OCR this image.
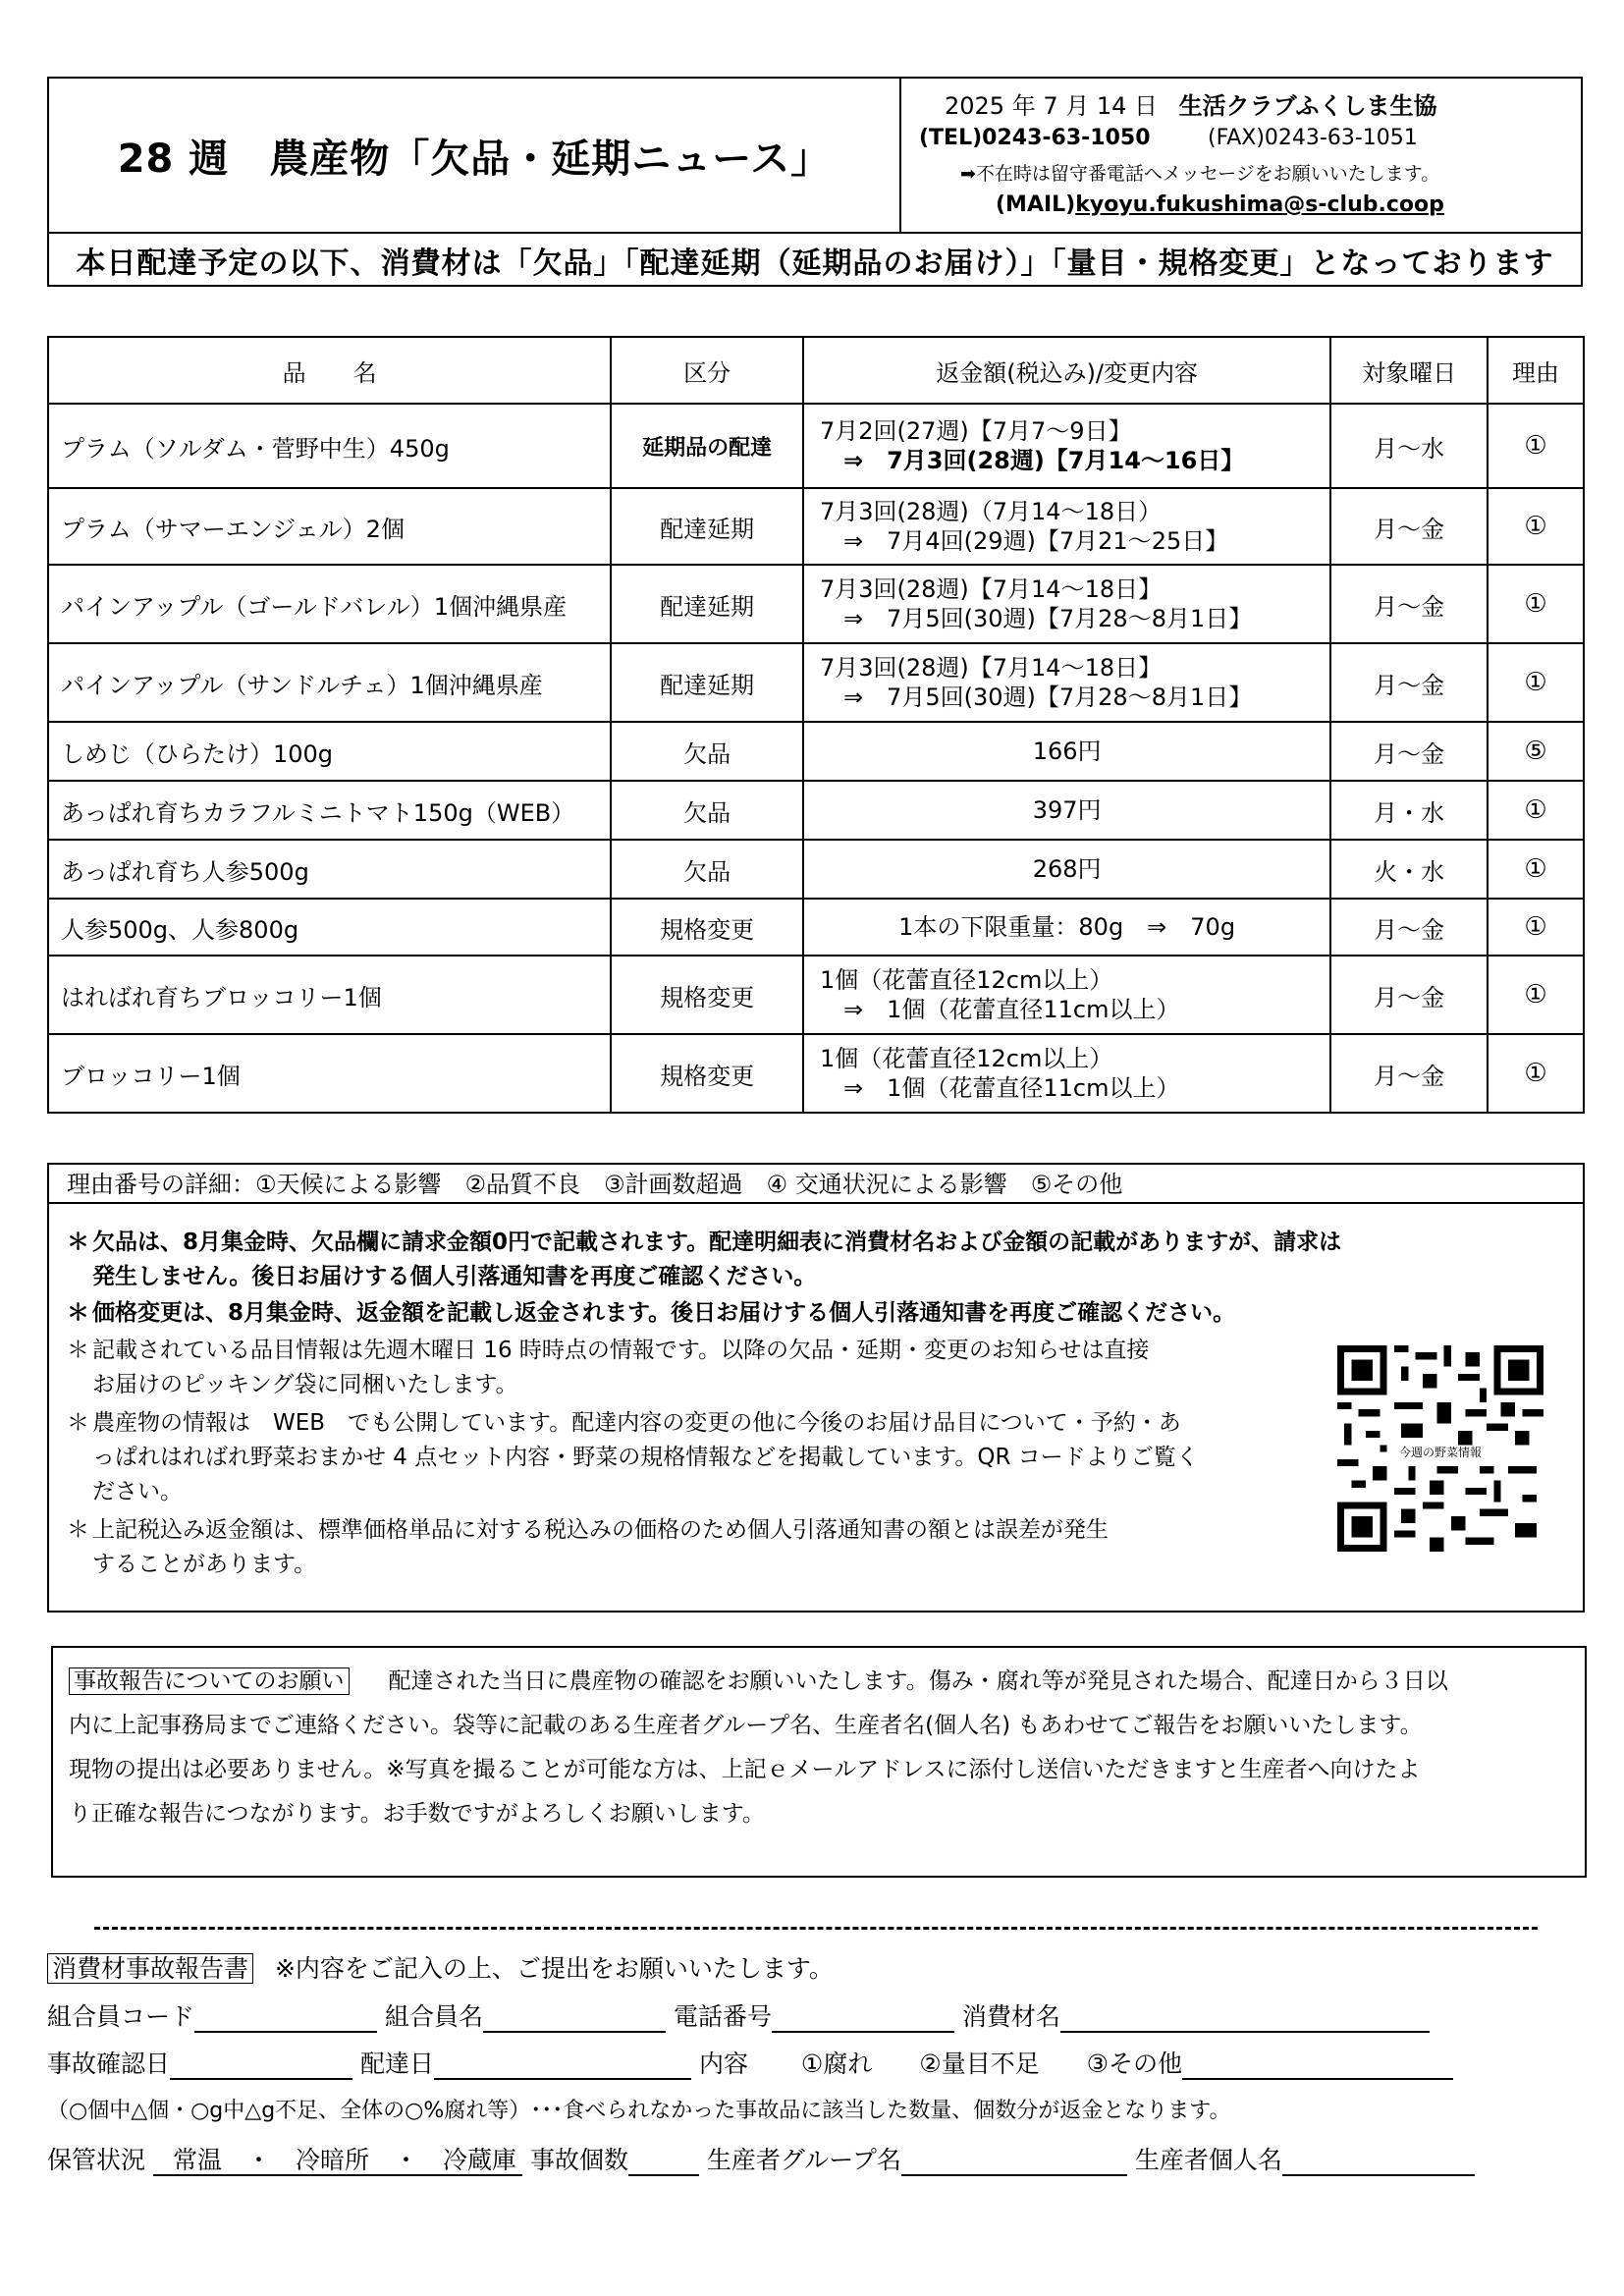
28 週　農産物「欠品・延期ニュース」
2025 年 7 月 14 日 生活クラブふくしま生協
(TEL)0243-63-1050	(FAX)0243-63-1051
➡不在時は留守番電話へメッセージをお願いいたします。
(MAIL)kyoyu.fukushima@s-club.coop
本日配達予定の以下、消費材は「欠品」「配達延期（延期品のお届け）」「量目・規格変更」となっております
品　　名	区分	返金額(税込み)/変更内容	対象曜日	理由
プラム（ソルダム・菅野中生）450g	延期品の配達	7月2回(27週)【7月7～9日】
⇒　7月3回(28週)【7月14～16日】	月～水	①
プラム（サマーエンジェル）2個	配達延期	7月3回(28週)（7月14～18日）
⇒　7月4回(29週)【7月21～25日】	月～金	①
パインアップル（ゴールドバレル）1個沖縄県産	配達延期	7月3回(28週)【7月14～18日】
⇒　7月5回(30週)【7月28～8月1日】	月～金	①
パインアップル（サンドルチェ）1個沖縄県産	配達延期	7月3回(28週)【7月14～18日】
⇒　7月5回(30週)【7月28～8月1日】	月～金	①
しめじ（ひらたけ）100g	欠品	166円	月～金	⑤
あっぱれ育ちカラフルミニトマト150g（WEB）	欠品	397円	月・水	①
あっぱれ育ち人参500g	欠品	268円	火・水	①
人参500g、人参800g	規格変更	1本の下限重量：80g　⇒　70g	月～金	①
はればれ育ちブロッコリー1個	規格変更	1個（花蕾直径12cm以上）
⇒　1個（花蕾直径11cm以上）	月～金	①
ブロッコリー1個	規格変更	1個（花蕾直径12cm以上）
⇒　1個（花蕾直径11cm以上）	月～金	①
理由番号の詳細：①天候による影響　②品質不良　③計画数超過　④ 交通状況による影響　⑤その他
＊ 欠品は、8月集金時、欠品欄に請求金額0円で記載されます。配達明細表に消費材名および金額の記載がありますが、請求は
発生しません。後日お届けする個人引落通知書を再度ご確認ください。
＊ 価格変更は、8月集金時、返金額を記載し返金されます。後日お届けする個人引落通知書を再度ご確認ください。
＊ 記載されている品目情報は先週木曜日 16 時時点の情報です。以降の欠品・延期・変更のお知らせは直接
お届けのピッキング袋に同梱いたします。
＊ 農産物の情報は　WEB　でも公開しています。配達内容の変更の他に今後のお届け品目について・予約・あ
っぱれはればれ野菜おまかせ 4 点セット内容・野菜の規格情報などを掲載しています。QR コードよりご覧く
ださい。
＊ 上記税込み返金額は、標準価格単品に対する税込みの価格のため個人引落通知書の額とは誤差が発生
することがあります。
今週の野菜情報
事故報告についてのお願い 配達された当日に農産物の確認をお願いいたします。傷み・腐れ等が発見された場合、配達日から３日以
内に上記事務局までご連絡ください。袋等に記載のある生産者グループ名、生産者名(個人名) もあわせてご報告をお願いいたします。
現物の提出は必要ありません。※写真を撮ることが可能な方は、上記ｅメールアドレスに添付し送信いただきますと生産者へ向けたよ
り正確な報告につながります。お手数ですがよろしくお願いします。
消費材事故報告書 ※内容をご記入の上、ご提出をお願いいたします。
組合員コード	組合員名	電話番号	消費材名
事故確認日	配達日	内容 ①腐れ ②量目不足 ③その他
（○個中△個・○g中△g不足、全体の○%腐れ等）･･･食べられなかった事故品に該当した数量、個数分が返金となります。
保管状況 常温　・　冷暗所　・　冷蔵庫 事故個数	生産者グループ名	生産者個人名
